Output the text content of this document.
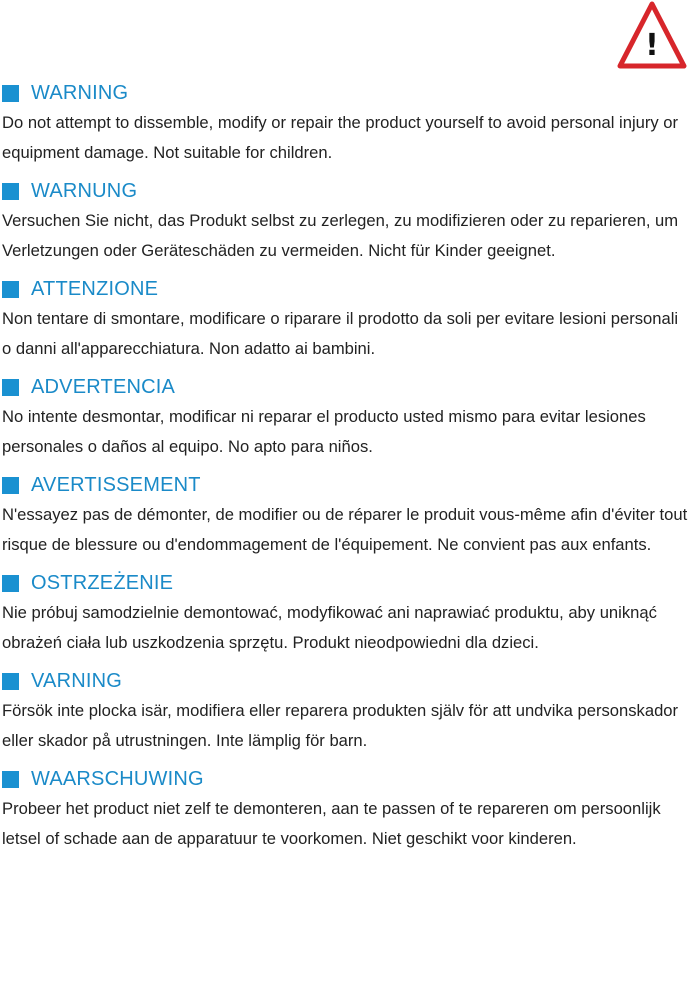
!
WARNING

Do not attempt to dissemble, modify or repair the product yourself to avoid personal injury or equipment damage. Not suitable for children.

WARNUNG

Versuchen Sie nicht, das Produkt selbst zu zerlegen, zu modifizieren oder zu reparieren, um Verletzungen oder Geräteschäden zu vermeiden. Nicht für Kinder geeignet.

ATTENZIONE

Non tentare di smontare, modificare o riparare il prodotto da soli per evitare lesioni personali o danni all'apparecchiatura. Non adatto ai bambini.

ADVERTENCIA

No intente desmontar, modificar ni reparar el producto usted mismo para evitar lesiones personales o daños al equipo. No apto para niños.

AVERTISSEMENT

N'essayez pas de démonter, de modifier ou de réparer le produit vous-même afin d'éviter tout risque de blessure ou d'endommagement de l'équipement. Ne convient pas aux enfants.

OSTRZEŻENIE

Nie próbuj samodzielnie demontować, modyfikować ani naprawiać produktu, aby uniknąć obrażeń ciała lub uszkodzenia sprzętu. Produkt nieodpowiedni dla dzieci.

VARNING

Försök inte plocka isär, modifiera eller reparera produkten själv för att undvika personskador eller skador på utrustningen. Inte lämplig för barn.

WAARSCHUWING

Probeer het product niet zelf te demonteren, aan te passen of te repareren om persoonlijk letsel of schade aan de apparatuur te voorkomen. Niet geschikt voor kinderen.
